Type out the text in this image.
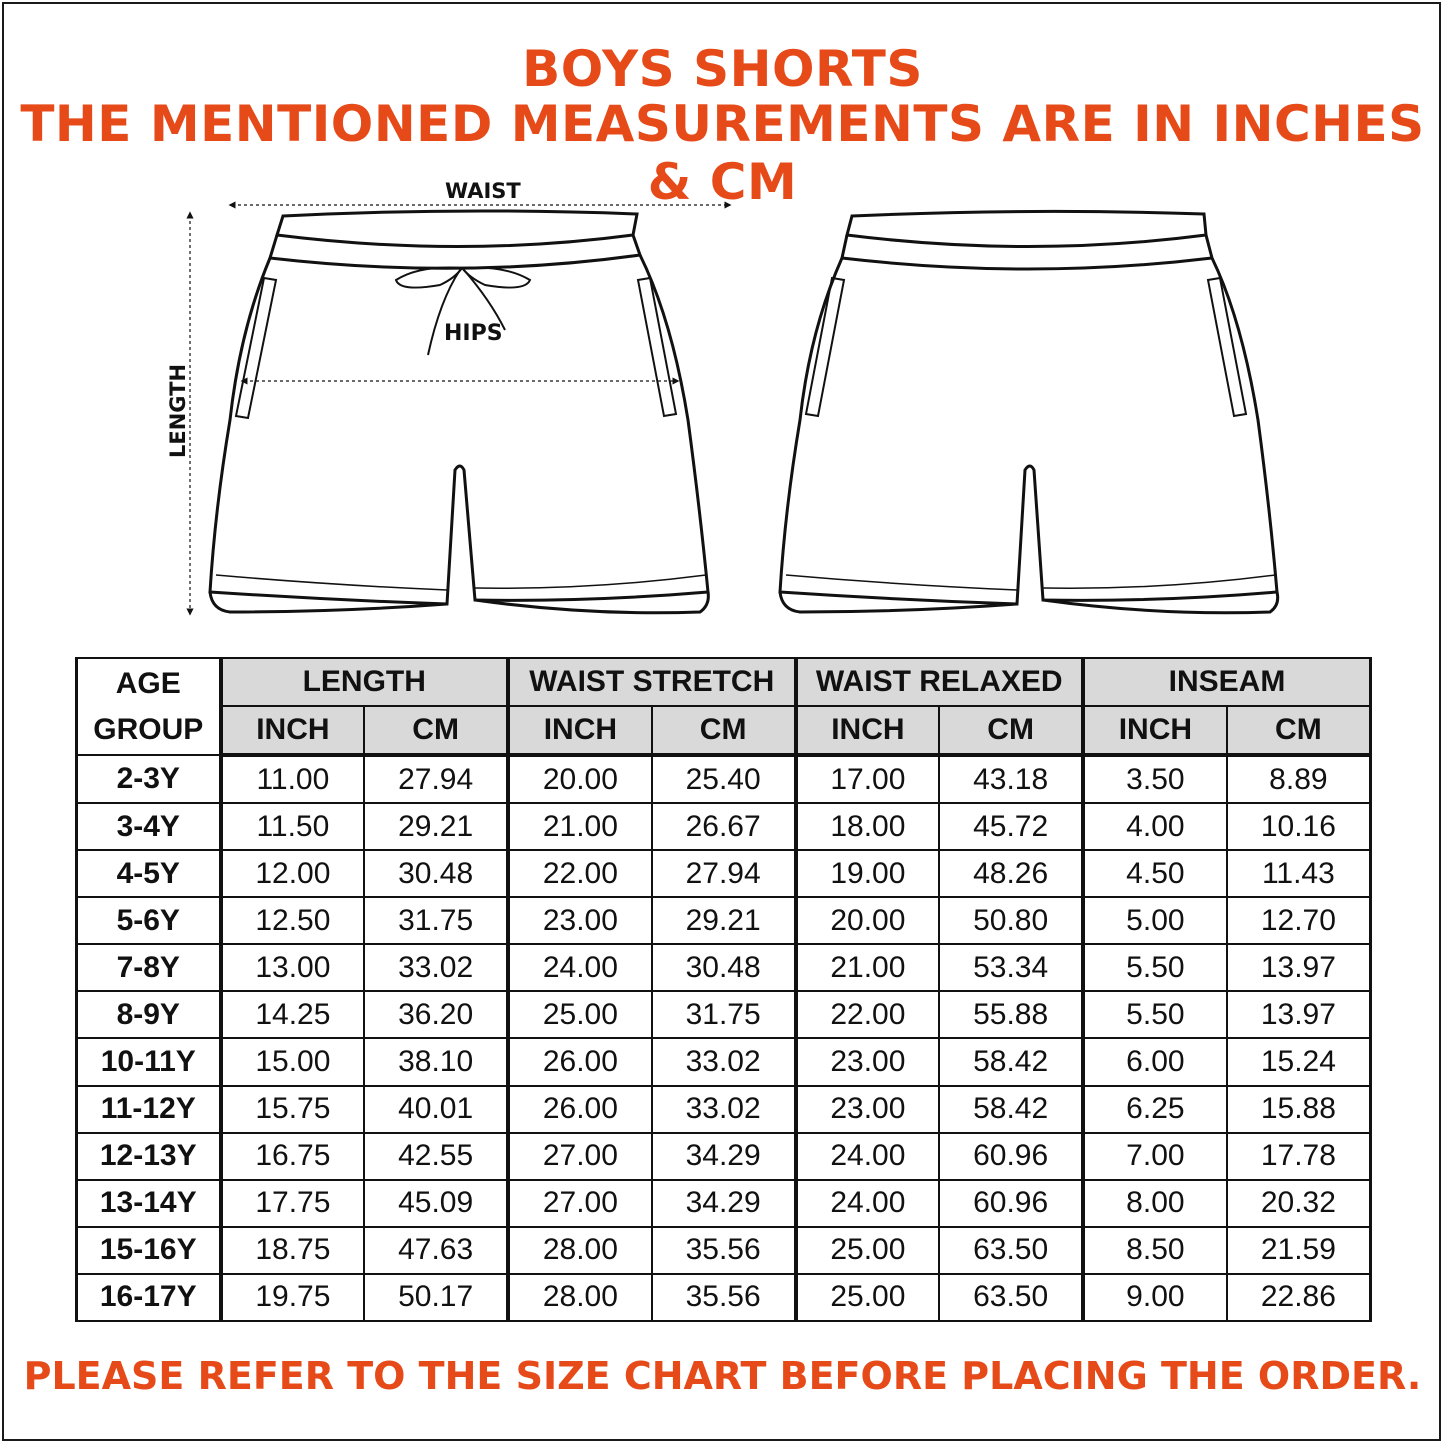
BOYS SHORTS
THE MENTIONED MEASUREMENTS ARE IN INCHES & CM
HIPS
WAIST
LENGTH
AGE
GROUP	LENGTH		WAIST STRETCH		WAIST RELAXED		INSEAM	
	INCH	CM	INCH	CM	INCH	CM	INCH	CM
2-3Y	11.00	27.94	20.00	25.40	17.00	43.18	3.50	8.89
3-4Y	11.50	29.21	21.00	26.67	18.00	45.72	4.00	10.16
4-5Y	12.00	30.48	22.00	27.94	19.00	48.26	4.50	11.43
5-6Y	12.50	31.75	23.00	29.21	20.00	50.80	5.00	12.70
7-8Y	13.00	33.02	24.00	30.48	21.00	53.34	5.50	13.97
8-9Y	14.25	36.20	25.00	31.75	22.00	55.88	5.50	13.97
10-11Y	15.00	38.10	26.00	33.02	23.00	58.42	6.00	15.24
11-12Y	15.75	40.01	26.00	33.02	23.00	58.42	6.25	15.88
12-13Y	16.75	42.55	27.00	34.29	24.00	60.96	7.00	17.78
13-14Y	17.75	45.09	27.00	34.29	24.00	60.96	8.00	20.32
15-16Y	18.75	47.63	28.00	35.56	25.00	63.50	8.50	21.59
16-17Y	19.75	50.17	28.00	35.56	25.00	63.50	9.00	22.86
PLEASE REFER TO THE SIZE CHART BEFORE PLACING THE ORDER.
